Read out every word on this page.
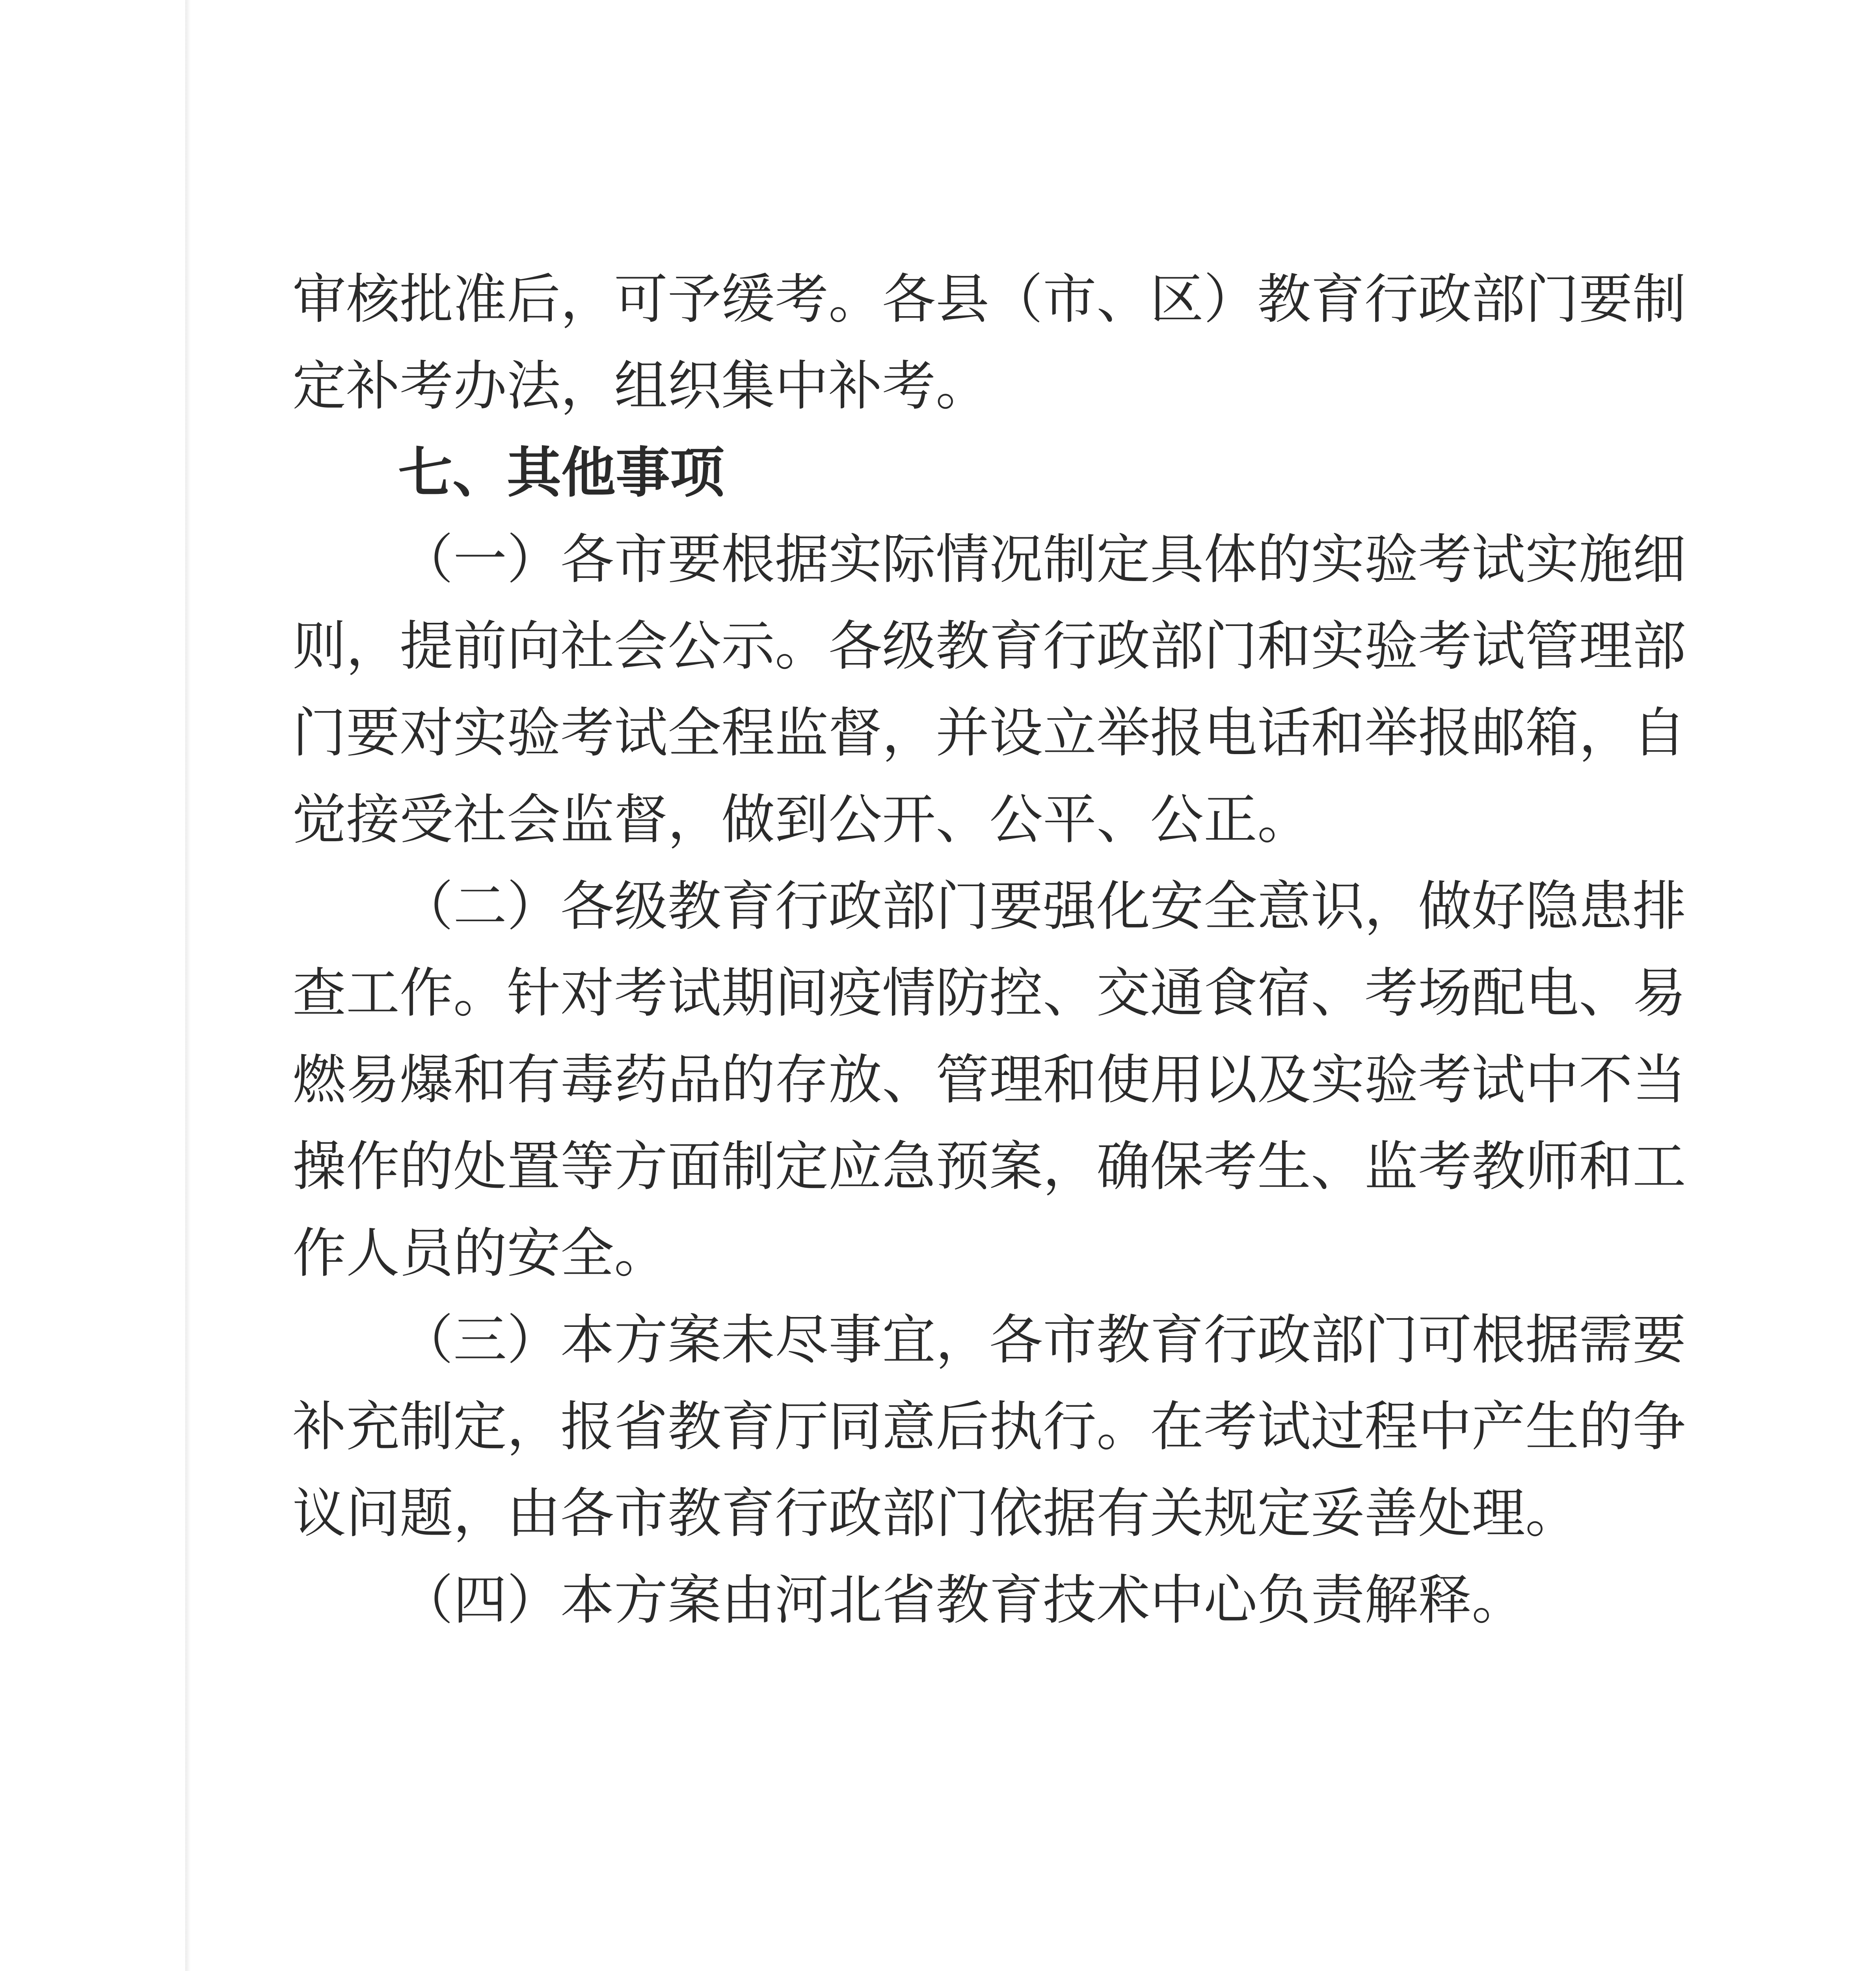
审核批准后，可予缓考。各县（市、区）教育行政部门要制
定补考办法，组织集中补考。
七、其他事项
（一）各市要根据实际情况制定具体的实验考试实施细
则，提前向社会公示。各级教育行政部门和实验考试管理部
门要对实验考试全程监督，并设立举报电话和举报邮箱，自
觉接受社会监督，做到公开、公平、公正。
（二）各级教育行政部门要强化安全意识，做好隐患排
查工作。针对考试期间疫情防控、交通食宿、考场配电、易
燃易爆和有毒药品的存放、管理和使用以及实验考试中不当
操作的处置等方面制定应急预案，确保考生、监考教师和工
作人员的安全。
（三）本方案未尽事宜，各市教育行政部门可根据需要
补充制定，报省教育厅同意后执行。在考试过程中产生的争
议问题，由各市教育行政部门依据有关规定妥善处理。
（四）本方案由河北省教育技术中心负责解释。
